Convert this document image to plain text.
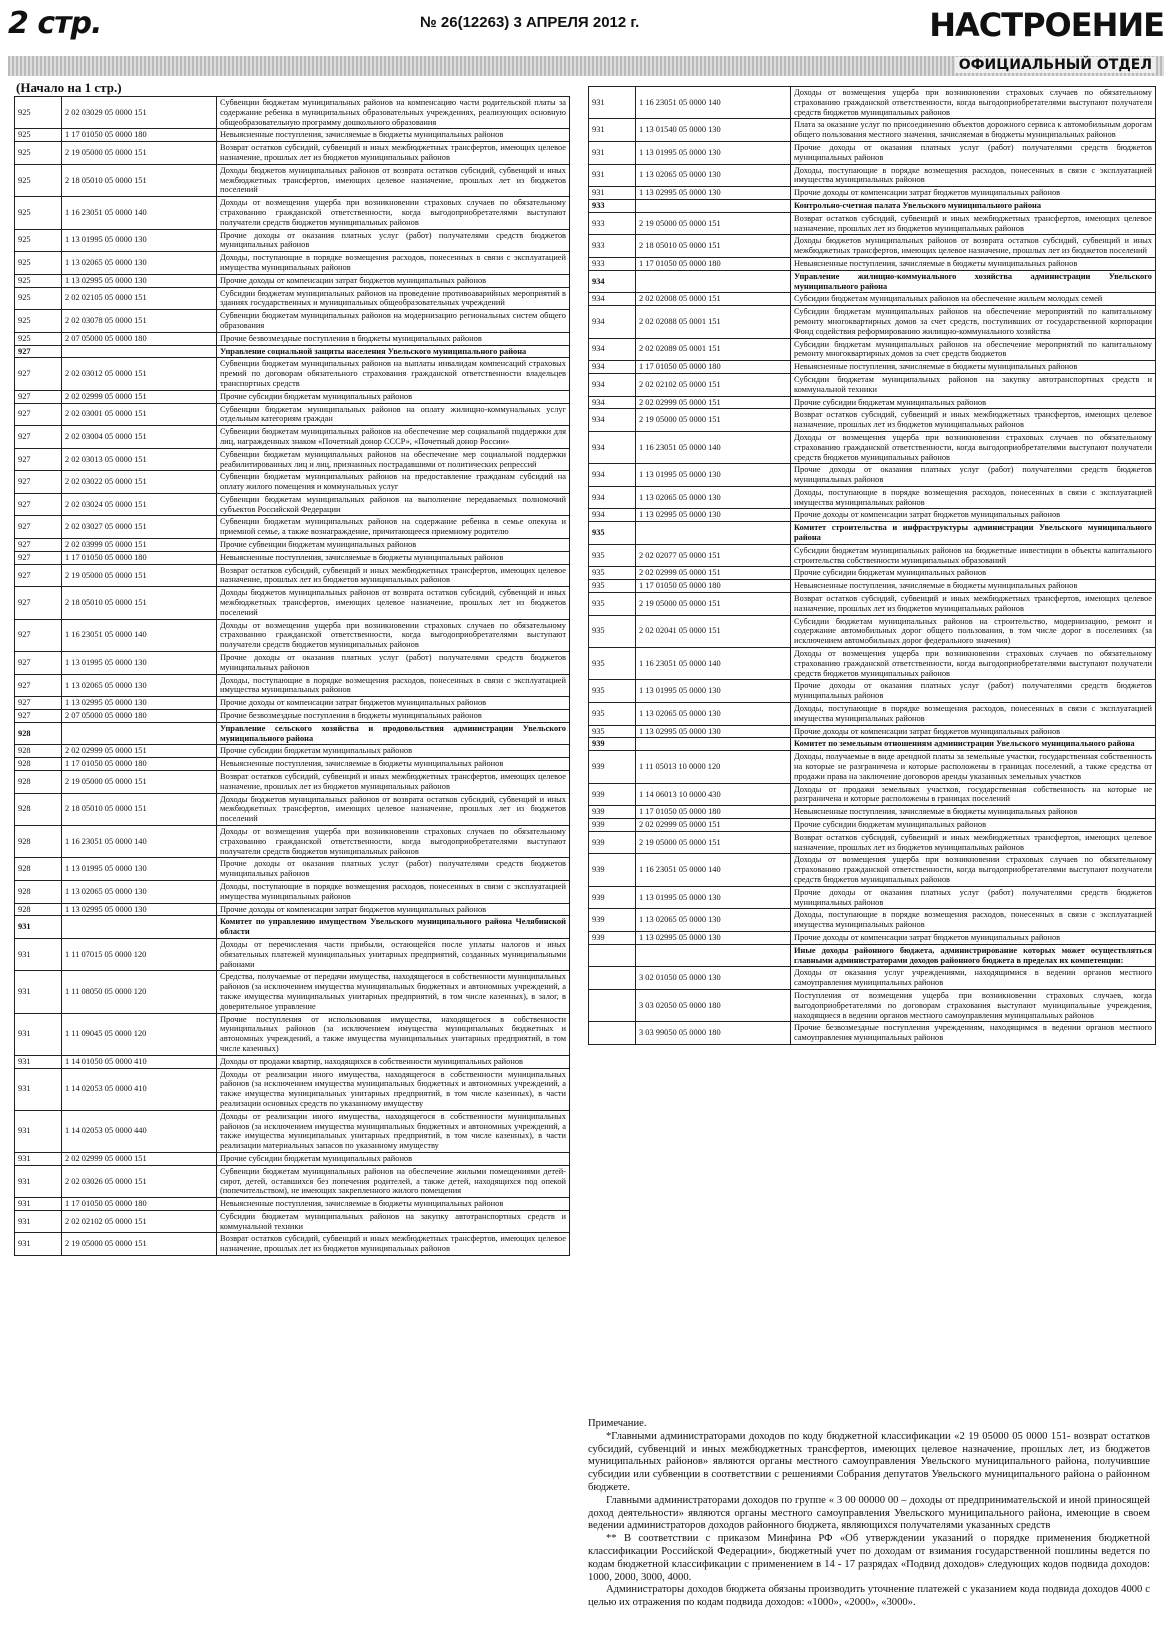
2 стр.	№ 26(12263) 3 АПРЕЛЯ 2012 г.	НАСТРОЕНИЕ
ОФИЦИАЛЬНЫЙ ОТДЕЛ
(Начало на 1 стр.)
925	2 02 03029 05 0000 151	Субвенции бюджетам муниципальных районов на компенсацию части родительской платы за содержание ребенка в муниципальных образовательных учреждениях, реализующих основную общеобразовательную программу дошкольного образования
925	1 17 01050 05 0000 180	Невыясненные поступления, зачисляемые в бюджеты муниципальных районов
925	2 19 05000 05 0000 151	Возврат остатков субсидий, субвенций и иных межбюджетных трансфертов, имеющих целевое назначение, прошлых лет из бюджетов муниципальных районов
925	2 18 05010 05 0000 151	Доходы бюджетов муниципальных районов от возврата остатков субсидий, субвенций и иных межбюджетных трансфертов, имеющих целевое назначение, прошлых лет из бюджетов поселений
925	1 16 23051 05 0000 140	Доходы от возмещения ущерба при возникновении страховых случаев по обязательному страхованию гражданской ответственности, когда выгодоприобретателями выступают получатели средств бюджетов муниципальных районов
925	1 13 01995 05 0000 130	Прочие доходы от оказания платных услуг (работ) получателями средств бюджетов муниципальных районов
925	1 13 02065 05 0000 130	Доходы, поступающие в порядке возмещения расходов, понесенных в связи с эксплуатацией имущества муниципальных районов
925	1 13 02995 05 0000 130	Прочие доходы от компенсации затрат бюджетов муниципальных районов
925	2 02 02105 05 0000 151	Субсидии бюджетам муниципальных районов на проведение противоаварийных мероприятий в зданиях государственных и муниципальных общеобразовательных учреждений
925	2 02 03078 05 0000 151	Субвенции бюджетам муниципальных районов на модернизацию региональных систем общего образования
925	2 07 05000 05 0000 180	Прочие безвозмездные поступления в бюджеты муниципальных районов
927		Управление социальной защиты населения Увельского муниципального района
927	2 02 03012 05 0000 151	Субвенции бюджетам муниципальных районов на выплаты инвалидам компенсаций страховых премий по договорам обязательного страхования гражданской ответственности владельцев транспортных средств
927	2 02 02999 05 0000 151	Прочие субсидии бюджетам муниципальных районов
927	2 02 03001 05 0000 151	Субвенции бюджетам муниципальных районов на оплату жилищно-коммунальных услуг отдельным категориям граждан
927	2 02 03004 05 0000 151	Субвенции бюджетам муниципальных районов на обеспечение мер социальной поддержки для лиц, награжденных знаком «Почетный донор СССР», «Почетный донор России»
927	2 02 03013 05 0000 151	Субвенции бюджетам муниципальных районов на обеспечение мер социальной поддержки реабилитированных лиц и лиц, признанных пострадавшими от политических репрессий
927	2 02 03022 05 0000 151	Субвенции бюджетам муниципальных районов на предоставление гражданам субсидий на оплату жилого помещения и коммунальных услуг
927	2 02 03024 05 0000 151	Субвенции бюджетам муниципальных районов на выполнение передаваемых полномочий субъектов Российской Федерации
927	2 02 03027 05 0000 151	Субвенции бюджетам муниципальных районов на содержание ребенка в семье опекуна и приемной семье, а также вознаграждение, причитающееся приемному родителю
927	2 02 03999 05 0000 151	Прочие субвенции бюджетам муниципальных районов
927	1 17 01050 05 0000 180	Невыясненные поступления, зачисляемые в бюджеты муниципальных районов
927	2 19 05000 05 0000 151	Возврат остатков субсидий, субвенций и иных межбюджетных трансфертов, имеющих целевое назначение, прошлых лет из бюджетов муниципальных районов
927	2 18 05010 05 0000 151	Доходы бюджетов муниципальных районов от возврата остатков субсидий, субвенций и иных межбюджетных трансфертов, имеющих целевое назначение, прошлых лет из бюджетов поселений
927	1 16 23051 05 0000 140	Доходы от возмещения ущерба при возникновении страховых случаев по обязательному страхованию гражданской ответственности, когда выгодоприобретателями выступают получатели средств бюджетов муниципальных районов
927	1 13 01995 05 0000 130	Прочие доходы от оказания платных услуг (работ) получателями средств бюджетов муниципальных районов
927	1 13 02065 05 0000 130	Доходы, поступающие в порядке возмещения расходов, понесенных в связи с эксплуатацией имущества муниципальных районов
927	1 13 02995 05 0000 130	Прочие доходы от компенсации затрат бюджетов муниципальных районов
927	2 07 05000 05 0000 180	Прочие безвозмездные поступления в бюджеты муниципальных районов
928		Управление сельского хозяйства и продовольствия администрации Увельского муниципального района
928	2 02 02999 05 0000 151	Прочие субсидии бюджетам муниципальных районов
928	1 17 01050 05 0000 180	Невыясненные поступления, зачисляемые в бюджеты муниципальных районов
928	2 19 05000 05 0000 151	Возврат остатков субсидий, субвенций и иных межбюджетных трансфертов, имеющих целевое назначение, прошлых лет из бюджетов муниципальных районов
928	2 18 05010 05 0000 151	Доходы бюджетов муниципальных районов от возврата остатков субсидий, субвенций и иных межбюджетных трансфертов, имеющих целевое назначение, прошлых лет из бюджетов поселений
928	1 16 23051 05 0000 140	Доходы от возмещения ущерба при возникновении страховых случаев по обязательному страхованию гражданской ответственности, когда выгодоприобретателями выступают получатели средств бюджетов муниципальных районов
928	1 13 01995 05 0000 130	Прочие доходы от оказания платных услуг (работ) получателями средств бюджетов муниципальных районов
928	1 13 02065 05 0000 130	Доходы, поступающие в порядке возмещения расходов, понесенных в связи с эксплуатацией имущества муниципальных районов
928	1 13 02995 05 0000 130	Прочие доходы от компенсации затрат бюджетов муниципальных районов
931		Комитет по управлению имуществом Увельского муниципального района Челябинской области
931	1 11 07015 05 0000 120	Доходы от перечисления части прибыли, остающейся после уплаты налогов и иных обязательных платежей муниципальных унитарных предприятий, созданных муниципальными районами
931	1 11 08050 05 0000 120	Средства, получаемые от передачи имущества, находящегося в собственности муниципальных районов (за исключением имущества муниципальных бюджетных и автономных учреждений, а также имущества муниципальных унитарных предприятий, в том числе казенных), в залог, в доверительное управление
931	1 11 09045 05 0000 120	Прочие поступления от использования имущества, находящегося в собственности муниципальных районов (за исключением имущества муниципальных бюджетных и автономных учреждений, а также имущества муниципальных унитарных предприятий, в том числе казенных)
931	1 14 01050 05 0000 410	Доходы от продажи квартир, находящихся в собственности муниципальных районов
931	1 14 02053 05 0000 410	Доходы от реализации иного имущества, находящегося в собственности муниципальных районов (за исключением имущества муниципальных бюджетных и автономных учреждений, а также имущества муниципальных унитарных предприятий, в том числе казенных), в части реализации основных средств по указанному имуществу
931	1 14 02053 05 0000 440	Доходы от реализации иного имущества, находящегося в собственности муниципальных районов (за исключением имущества муниципальных бюджетных и автономных учреждений, а также имущества муниципальных унитарных предприятий, в том числе казенных), в части реализации материальных запасов по указанному имуществу
931	2 02 02999 05 0000 151	Прочие субсидии бюджетам муниципальных районов
931	2 02 03026 05 0000 151	Субвенции бюджетам муниципальных районов на обеспечение жилыми помещениями детей-сирот, детей, оставшихся без попечения родителей, а также детей, находящихся под опекой (попечительством), не имеющих закрепленного жилого помещения
931	1 17 01050 05 0000 180	Невыясненные поступления, зачисляемые в бюджеты муниципальных районов
931	2 02 02102 05 0000 151	Субсидии бюджетам муниципальных районов на закупку автотранспортных средств и коммунальной техники
931	2 19 05000 05 0000 151	Возврат остатков субсидий, субвенций и иных межбюджетных трансфертов, имеющих целевое назначение, прошлых лет из бюджетов муниципальных районов
931	1 16 23051 05 0000 140	Доходы от возмещения ущерба при возникновении страховых случаев по обязательному страхованию гражданской ответственности, когда выгодоприобретателями выступают получатели средств бюджетов муниципальных районов
931	1 13 01540 05 0000 130	Плата за оказание услуг по присоединению объектов дорожного сервиса к автомобильным дорогам общего пользования местного значения, зачисляемая в бюджеты муниципальных районов
931	1 13 01995 05 0000 130	Прочие доходы от оказания платных услуг (работ) получателями средств бюджетов муниципальных районов
931	1 13 02065 05 0000 130	Доходы, поступающие в порядке возмещения расходов, понесенных в связи с эксплуатацией имущества муниципальных районов
931	1 13 02995 05 0000 130	Прочие доходы от компенсации затрат бюджетов муниципальных районов
933		Контрольно-счетная палата Увельского муниципального района
933	2 19 05000 05 0000 151	Возврат остатков субсидий, субвенций и иных межбюджетных трансфертов, имеющих целевое назначение, прошлых лет из бюджетов муниципальных районов
933	2 18 05010 05 0000 151	Доходы бюджетов муниципальных районов от возврата остатков субсидий, субвенций и иных межбюджетных трансфертов, имеющих целевое назначение, прошлых лет из бюджетов поселений
933	1 17 01050 05 0000 180	Невыясненные поступления, зачисляемые в бюджеты муниципальных районов
934		Управление жилищно-коммунального хозяйства администрации Увельского муниципального района
934	2 02 02008 05 0000 151	Субсидии бюджетам муниципальных районов на обеспечение жильем молодых семей
934	2 02 02088 05 0001 151	Субсидии бюджетам муниципальных районов на обеспечение мероприятий по капитальному ремонту многоквартирных домов за счет средств, поступивших от государственной корпорации Фонд содействия реформированию жилищно-коммунального хозяйства
934	2 02 02089 05 0001 151	Субсидии бюджетам муниципальных районов на обеспечение мероприятий по капитальному ремонту многоквартирных домов за счет средств бюджетов
934	1 17 01050 05 0000 180	Невыясненные поступления, зачисляемые в бюджеты муниципальных районов
934	2 02 02102 05 0000 151	Субсидии бюджетам муниципальных районов на закупку автотранспортных средств и коммунальной техники
934	2 02 02999 05 0000 151	Прочие субсидии бюджетам муниципальных районов
934	2 19 05000 05 0000 151	Возврат остатков субсидий, субвенций и иных межбюджетных трансфертов, имеющих целевое назначение, прошлых лет из бюджетов муниципальных районов
934	1 16 23051 05 0000 140	Доходы от возмещения ущерба при возникновении страховых случаев по обязательному страхованию гражданской ответственности, когда выгодоприобретателями выступают получатели средств бюджетов муниципальных районов
934	1 13 01995 05 0000 130	Прочие доходы от оказания платных услуг (работ) получателями средств бюджетов муниципальных районов
934	1 13 02065 05 0000 130	Доходы, поступающие в порядке возмещения расходов, понесенных в связи с эксплуатацией имущества муниципальных районов
934	1 13 02995 05 0000 130	Прочие доходы от компенсации затрат бюджетов муниципальных районов
935		Комитет строительства и инфраструктуры администрации Увельского муниципального района
935	2 02 02077 05 0000 151	Субсидии бюджетам муниципальных районов на бюджетные инвестиции в объекты капитального строительства собственности муниципальных образований
935	2 02 02999 05 0000 151	Прочие субсидии бюджетам муниципальных районов
935	1 17 01050 05 0000 180	Невыясненные поступления, зачисляемые в бюджеты муниципальных районов
935	2 19 05000 05 0000 151	Возврат остатков субсидий, субвенций и иных межбюджетных трансфертов, имеющих целевое назначение, прошлых лет из бюджетов муниципальных районов
935	2 02 02041 05 0000 151	Субсидии бюджетам муниципальных районов на строительство, модернизацию, ремонт и содержание автомобильных дорог общего пользования, в том числе дорог в поселениях (за исключением автомобильных дорог федерального значения)
935	1 16 23051 05 0000 140	Доходы от возмещения ущерба при возникновении страховых случаев по обязательному страхованию гражданской ответственности, когда выгодоприобретателями выступают получатели средств бюджетов муниципальных районов
935	1 13 01995 05 0000 130	Прочие доходы от оказания платных услуг (работ) получателями средств бюджетов муниципальных районов
935	1 13 02065 05 0000 130	Доходы, поступающие в порядке возмещения расходов, понесенных в связи с эксплуатацией имущества муниципальных районов
935	1 13 02995 05 0000 130	Прочие доходы от компенсации затрат бюджетов муниципальных районов
939		Комитет по земельным отношениям администрации Увельского муниципального района
939	1 11 05013 10 0000 120	Доходы, получаемые в виде арендной платы за земельные участки, государственная собственность на которые не разграничена и которые расположены в границах поселений, а также средства от продажи права на заключение договоров аренды указанных земельных участков
939	1 14 06013 10 0000 430	Доходы от продажи земельных участков, государственная собственность на которые не разграничена и которые расположены в границах поселений
939	1 17 01050 05 0000 180	Невыясненные поступления, зачисляемые в бюджеты муниципальных районов
939	2 02 02999 05 0000 151	Прочие субсидии бюджетам муниципальных районов
939	2 19 05000 05 0000 151	Возврат остатков субсидий, субвенций и иных межбюджетных трансфертов, имеющих целевое назначение, прошлых лет из бюджетов муниципальных районов
939	1 16 23051 05 0000 140	Доходы от возмещения ущерба при возникновении страховых случаев по обязательному страхованию гражданской ответственности, когда выгодоприобретателями выступают получатели средств бюджетов муниципальных районов
939	1 13 01995 05 0000 130	Прочие доходы от оказания платных услуг (работ) получателями средств бюджетов муниципальных районов
939	1 13 02065 05 0000 130	Доходы, поступающие в порядке возмещения расходов, понесенных в связи с эксплуатацией имущества муниципальных районов
939	1 13 02995 05 0000 130	Прочие доходы от компенсации затрат бюджетов муниципальных районов
		Иные доходы районного бюджета, администрирование которых может осуществляться главными администраторами доходов районного бюджета в пределах их компетенции:
	3 02 01050 05 0000 130	Доходы от оказания услуг учреждениями, находящимися в ведении органов местного самоуправления муниципальных районов
	3 03 02050 05 0000 180	Поступления от возмещения ущерба при возникновении страховых случаев, когда выгодоприобретателями по договорам страхования выступают муниципальные учреждения, находящиеся в ведении органов местного самоуправления муниципальных районов
	3 03 99050 05 0000 180	Прочие безвозмездные поступления учреждениям, находящимся в ведении органов местного самоуправления муниципальных районов

Примечание.

*Главными администраторами доходов по коду бюджетной классификации «2 19 05000 05 0000 151- возврат остатков субсидий, субвенций и иных межбюджетных трансфертов, имеющих целевое назначение, прошлых лет, из бюджетов муниципальных районов» являются органы местного самоуправления Увельского муниципального района, получившие субсидии или субвенции в соответствии с решениями Собрания депутатов Увельского муниципального района о районном бюджете.

Главными администраторами доходов по группе « 3 00 00000 00 – доходы от предпринимательской и иной приносящей доход деятельности» являются органы местного самоуправления Увельского муниципального района, имеющие в своем ведении администраторов доходов районного бюджета, являющихся получателями указанных средств

** В соответствии с приказом Минфина РФ «Об утверждении указаний о порядке применения бюджетной классификации Российской Федерации», бюджетный учет по доходам от взимания государственной пошлины ведется по кодам бюджетной классификации с применением в 14 - 17 разрядах «Подвид доходов» следующих кодов подвида доходов: 1000, 2000, 3000, 4000.

Администраторы доходов бюджета обязаны производить уточнение платежей с указанием кода подвида доходов 4000 с целью их отражения по кодам подвида доходов: «1000», «2000», «3000».
